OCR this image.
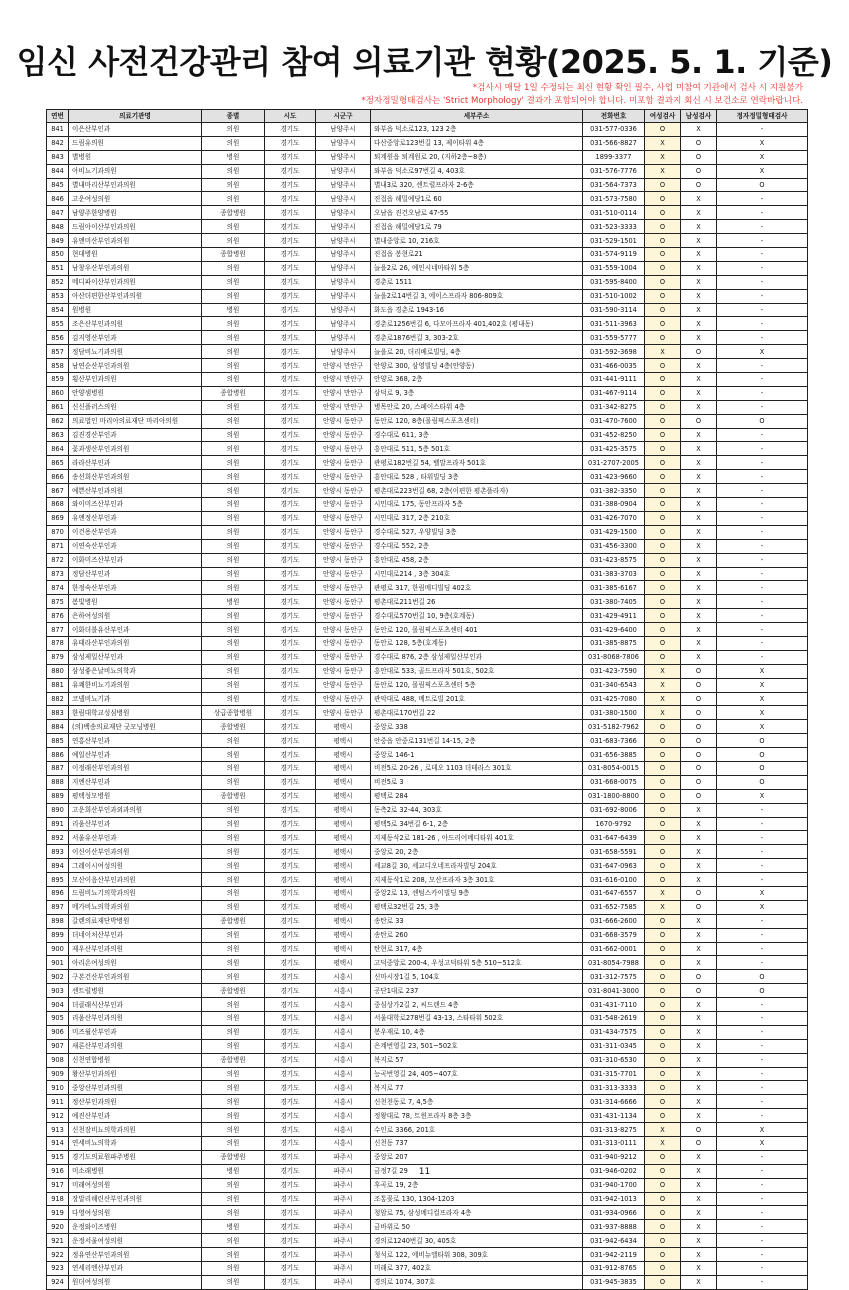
임신 사전건강관리 참여 의료기관 현황(2025. 5. 1. 기준)
*검사시 매달 1일 수정되는 최신 현황 확인 필수, 사업 미참여 기관에서 검사 시 지원불가
*정자정밀형태검사는 'Strict Morphology' 결과가 포함되어야 합니다. 미포함 결과지 회신 시 보건소로 연락바랍니다.
연번	의료기관명	종별	시도	시군구	세부주소	전화번호	여성검사	남성검사	정자정밀형태검사
841	이은산부인과	의원	경기도	남양주시	와부읍 덕소로123, 123 2층	031-577-0336	O	X	-
842	드림유의원	의원	경기도	남양주시	다산중앙로123번길 13, 제이타워 4층	031-566-8827	X	O	X
843	별병원	병원	경기도	남양주시	퇴계원읍 퇴계원로 20, (지하2층~8층)	1899-3377	X	O	X
844	아비뇨기과의원	의원	경기도	남양주시	와부읍 덕소로97번길 4, 403호	031-576-7776	X	O	X
845	별내마리산부인과의원	의원	경기도	남양주시	별내3로 320, 센트럴프라자 2-6층	031-564-7373	O	O	O
846	고운여성의원	의원	경기도	남양주시	진접읍 해밀예당1로 60	031-573-7580	O	X	-
847	남양주한양병원	종합병원	경기도	남양주시	오남읍 진건오남로 47-55	031-510-0114	O	X	-
848	드림아이산부인과의원	의원	경기도	남양주시	진접읍 해밀예당1로 79	031-523-3333	O	X	-
849	유앤미산부인과의원	의원	경기도	남양주시	별내중앙로 10, 216호	031-529-1501	O	X	-
850	현대병원	종합병원	경기도	남양주시	진접읍 봉현로21	031-574-9119	O	X	-
851	남창우산부인과의원	의원	경기도	남양주시	늘을2로 26, 예인시네마타워 5층	031-559-1004	O	X	-
852	메디파이산부인과의원	의원	경기도	남양주시	경춘로 1511	031-595-8400	O	X	-
853	아산더편한산부인과의원	의원	경기도	남양주시	늘을2로14번길 3, 에이스프라자 806-809호	031-510-1002	O	X	-
854	원병원	병원	경기도	남양주시	화도읍 경춘로 1943-16	031-590-3114	O	X	-
855	조은산부인과의원	의원	경기도	남양주시	경춘로1256번길 6, 다모아프라자 401,402호 (평내동)	031-511-3963	O	X	-
856	김지영산부인과	의원	경기도	남양주시	경춘로1876번길 3, 303-2호	031-559-5777	O	X	-
857	정담비뇨기과의원	의원	경기도	남양주시	늘을로 20, 더리베로빌딩, 4층	031-592-3698	X	O	X
858	남연순산부인과의원	의원	경기도	안양시 만안구	안양로 300, 삼영빌딩 4층(안양동)	031-466-0035	O	X	-
859	횡산부인과의원	의원	경기도	안양시 만안구	안양로 368, 2층	031-441-9111	O	X	-
860	안양샘병원	종합병원	경기도	안양시 만안구	삼덕로 9, 3층	031-467-9114	O	X	-
861	신신플러스의원	의원	경기도	안양시 만안구	병목안로 20, 스페이스타워 4층	031-342-8275	O	X	-
862	의료법인 마리아의료재단 마리아의원	의원	경기도	안양시 동안구	동안로 120, 8층(몰림픽스포츠센터)	031-470-7600	O	O	O
863	김진경산부인과	의원	경기도	안양시 동안구	경수대로 611, 3층	031-452-8250	O	X	-
864	꽃과생산부인과의원	의원	경기도	안양시 동안구	흥안대로 511, 5층 501호	031-425-3575	O	X	-
865	라라산부인과	의원	경기도	안양시 동안구	관평로182번길 54, 벨말프라자 501호	031-2707-2005	O	X	-
866	송선희산부인과의원	의원	경기도	안양시 동안구	흥안대로 528 , 타워빌딩 3층	031-423-9660	O	X	-
867	예쁜산부인과의원	의원	경기도	안양시 동안구	평촌대로223번길 68, 2층(이편한 평촌플라자)	031-382-3350	O	X	-
868	와이미즈산부인과	의원	경기도	안양시 동안구	시민대로 175, 동안프라자 5층	031-388-0904	O	X	-
869	유앤정산부인과	의원	경기도	안양시 동안구	시민대로 317, 2층 210호	031-426-7070	O	X	-
870	이건용산부인과	의원	경기도	안양시 동안구	경수대로 527, 우양빌딩 3층	031-429-1500	O	X	-
871	이연숙산부인과	의원	경기도	안양시 동안구	경수대로 552, 2층	031-456-3300	O	X	-
872	이화미즈산부인과	의원	경기도	안양시 동안구	흥안대로 458, 2층	031-423-8575	O	X	-
873	정담산부인과	의원	경기도	안양시 동안구	시민대로214 , 3층 304호	031-383-3703	O	X	-
874	한정숙산부인과	의원	경기도	안양시 동안구	관평로 317, 한림메디빌딩 402호	031-385-6167	O	X	-
875	봄빛병원	병원	경기도	안양시 동안구	평촌대로211번길 26	031-380-7405	O	X	-
876	은하여성의원	의원	경기도	안양시 동안구	경수대로570번길 10, 9층(호계동)	031-429-4911	O	X	-
877	이화더블유산부인과	의원	경기도	안양시 동안구	동안로 120, 몰림픽스포츠센터 401	031-429-6400	O	X	-
878	유태라산부인과의원	의원	경기도	안양시 동안구	동안로 128, 5층(호계동)	031-385-8875	O	X	-
879	삼성제일산부인과	의원	경기도	안양시 동안구	경수대로 876, 2층 삼성제일산부인과	031-8068-7806	O	X	-
880	삼성좋은날비뇨의학과	의원	경기도	안양시 동안구	흥안대로 533, 골드프라자 501호, 502호	031-423-7590	X	O	X
881	유쾌한비뇨기과의원	의원	경기도	안양시 동안구	동안로 120, 몰림픽스포츠센터 5층	031-340-6543	X	O	X
882	코넬비뇨기과	의원	경기도	안양시 동안구	관악대로 488, 메트로빌 201호	031-425-7080	X	O	X
883	한림대학교성심병원	상급종합병원	경기도	안양시 동안구	평촌대로170번길 22	031-380-1500	X	O	X
884	(의)백송의료재단 굿모닝병원	종합병원	경기도	평택시	중앙로 338	031-5182-7962	O	O	X
885	연홍산부인과	의원	경기도	평택시	안중읍 안중로131번길 14-15, 2층	031-683-7366	O	O	O
886	예일산부인과	의원	경기도	평택시	중앙로 146-1	031-656-3885	O	O	O
887	이정래산부인과의원	의원	경기도	평택시	비전5로 20-26 , 로데오 1103 더테라스 301호	031-8054-0015	O	O	O
888	지엔산부인과	의원	경기도	평택시	비전5로 3	031-668-0075	O	O	O
889	평택성모병원	종합병원	경기도	평택시	평택로 284	031-1800-8800	O	O	X
890	고운희산부인과외과의원	의원	경기도	평택시	동측2로 32-44, 303호	031-692-8006	O	X	-
891	리움산부인과	의원	경기도	평택시	평택5로 34번길 6-1, 2층	1670-9792	O	X	-
892	서울유산부인과	의원	경기도	평택시	지제동삭2로 181-26 , 아드리어메디타워 401호	031-647-6439	O	X	-
893	이신이산부인과의원	의원	경기도	평택시	중앙로 20, 2층	031-658-5591	O	X	-
894	그레이시여성의원	의원	경기도	평택시	세교8길 30, 세교디오네프라자빌딩 204호	031-647-0963	O	X	-
895	모산이음산부인과의원	의원	경기도	평택시	지제동삭1로 208, 모산프라자 3층 301호	031-616-0100	O	X	-
896	드림비뇨기의학과의원	의원	경기도	평택시	중앙2로 13, 센텀스카이빌딩 9층	031-647-6557	X	O	X
897	메가비뇨의학과의원	의원	경기도	평택시	평택로32번길 25, 3층	031-652-7585	X	O	X
898	갈렌의료재단박병원	종합병원	경기도	평택시	송탄로 33	031-666-2600	O	X	-
899	더네이처산부인과	의원	경기도	평택시	송탄로 260	031-668-3579	O	X	-
900	제우산부인과의원	의원	경기도	평택시	탄현로 317, 4층	031-662-0001	O	X	-
901	아리온여성의원	의원	경기도	평택시	고덕중앙로 200-4, 우성고덕타워 5층 510~512호	031-8054-7988	O	X	-
902	구본건산부인과의원	의원	경기도	시흥시	신마시장1길 5, 104호	031-312-7575	O	O	O
903	센트럴병원	종합병원	경기도	시흥시	공단1대로 237	031-8041-3000	O	O	O
904	더클래식산부인과	의원	경기도	시흥시	중심상가2길 2, 씨드랜드 4층	031-431-7110	O	X	-
905	리움산부인과의원	의원	경기도	시흥시	서울대학로278번길 43-13, 스타타워 502호	031-548-2619	O	X	-
906	미즈월산부인과	의원	경기도	시흥시	봉우재로 10, 4층	031-434-7575	O	X	-
907	새론산부인과의원	의원	경기도	시흥시	은계번영길 23, 501~502호	031-311-0345	O	X	-
908	신천연합병원	종합병원	경기도	시흥시	복지로 57	031-310-6530	O	X	-
909	왕산부인과의원	의원	경기도	시흥시	능곡번영길 24, 405~407호	031-315-7701	O	X	-
910	중앙산부인과의원	의원	경기도	시흥시	복지로 77	031-313-3333	O	X	-
911	정산부인과의원	의원	경기도	시흥시	신천천동로 7, 4,5층	031-314-6666	O	X	-
912	예진산부인과	의원	경기도	시흥시	정왕대로 78, 트윈프라자 8층 3층	031-431-1134	O	X	-
913	신천잠비뇨의학과의원	의원	경기도	시흥시	수인로 3366, 201호	031-313-8275	X	O	X
914	연세비뇨의학과	의원	경기도	시흥시	신천동 737	031-313-0111	X	O	X
915	경기도의료원파주병원	종합병원	경기도	파주시	중앙로 207	031-940-9212	O	X	-
916	미소래병원	병원	경기도	파주시	금정7길 29	031-946-0202	O	X	-
917	미래여성의원	의원	경기도	파주시	후곡로 19, 2층	031-940-1700	O	X	-
918	장말리해린산부인과의원	의원	경기도	파주시	조통꽂로 130, 1304-1203	031-942-1013	O	X	-
919	다영여성의원	의원	경기도	파주시	청암로 75, 삼성메디컬프라자 4층	031-934-0966	O	X	-
920	운정와이즈병원	병원	경기도	파주시	금바위로 50	031-937-8888	O	X	-
921	운정서울여성의원	의원	경기도	파주시	경의로1240번길 30, 405호	031-942-6434	O	X	-
922	정유연산부인과의원	의원	경기도	파주시	청석로 122, 에비뉴엘타워 308, 309호	031-942-2119	O	X	-
923	연세리엔산부인과	의원	경기도	파주시	미래로 377, 402호	031-912-8765	O	X	-
924	원더여성의원	의원	경기도	파주시	경의로 1074, 307호	031-945-3835	O	X	-
11
